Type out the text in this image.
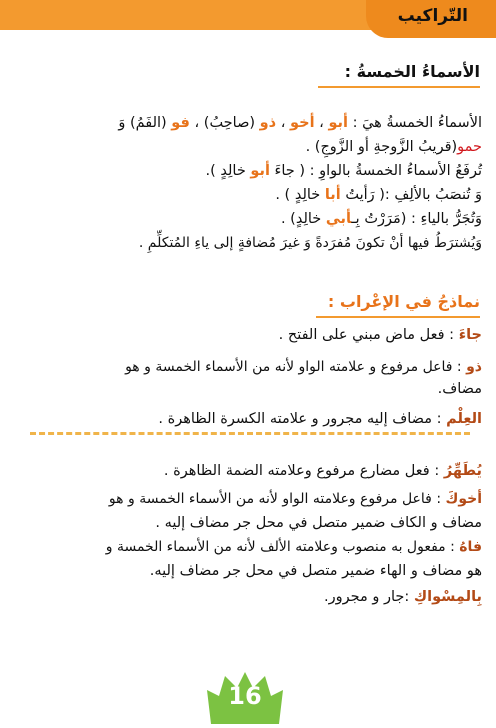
التّراكيب
الأسماءُ الخمسةُ :
الأسماءُ الخمسةُ هيَ : أبو ، أخو ، ذو (صاحِبُ) ، فو (الفَمُ) وَ
حمو(قريبُ الزَّوجةِ أو الزَّوجِ) .
تُرفَعُ الأسماءُ الخمسةُ بالواوِ : ( جاءَ أبو خالِدٍ ).
وَ تُنصَبُ بالألِفِ :( رَأيتُ أبا خالِدٍ ) .
وَتُجَرُّ بالياءِ : (مَرَرْتُ بِـأبي خالِدٍ) .
وَيُشترَطُ فيها أنْ تكونَ مُفرَدةً وَ غيرَ مُضافةٍ إلى ياءِ المُتكلِّمِ .
نماذجُ في الإعْراب :
جاءَ : فعل ماض مبني على الفتح .
ذو : فاعل مرفوع و علامته الواو لأنه من الأسماء الخمسة و هو
مضاف.
العِلْم : مضاف إليه مجرور و علامته الكسرة الظاهرة .
يُطَهِّرُ : فعل مضارع مرفوع وعلامته الضمة الظاهرة .
أخوكَ : فاعل مرفوع وعلامته الواو لأنه من الأسماء الخمسة و هو
مضاف و الكاف ضمير متصل في محل جر مضاف إليه .
فاهُ : مفعول به منصوب وعلامته الألف لأنه من الأسماء الخمسة و
هو مضاف و الهاء ضمير متصل في محل جر مضاف إليه.
بِالمِسْواكِ :جار و مجرور.
16
